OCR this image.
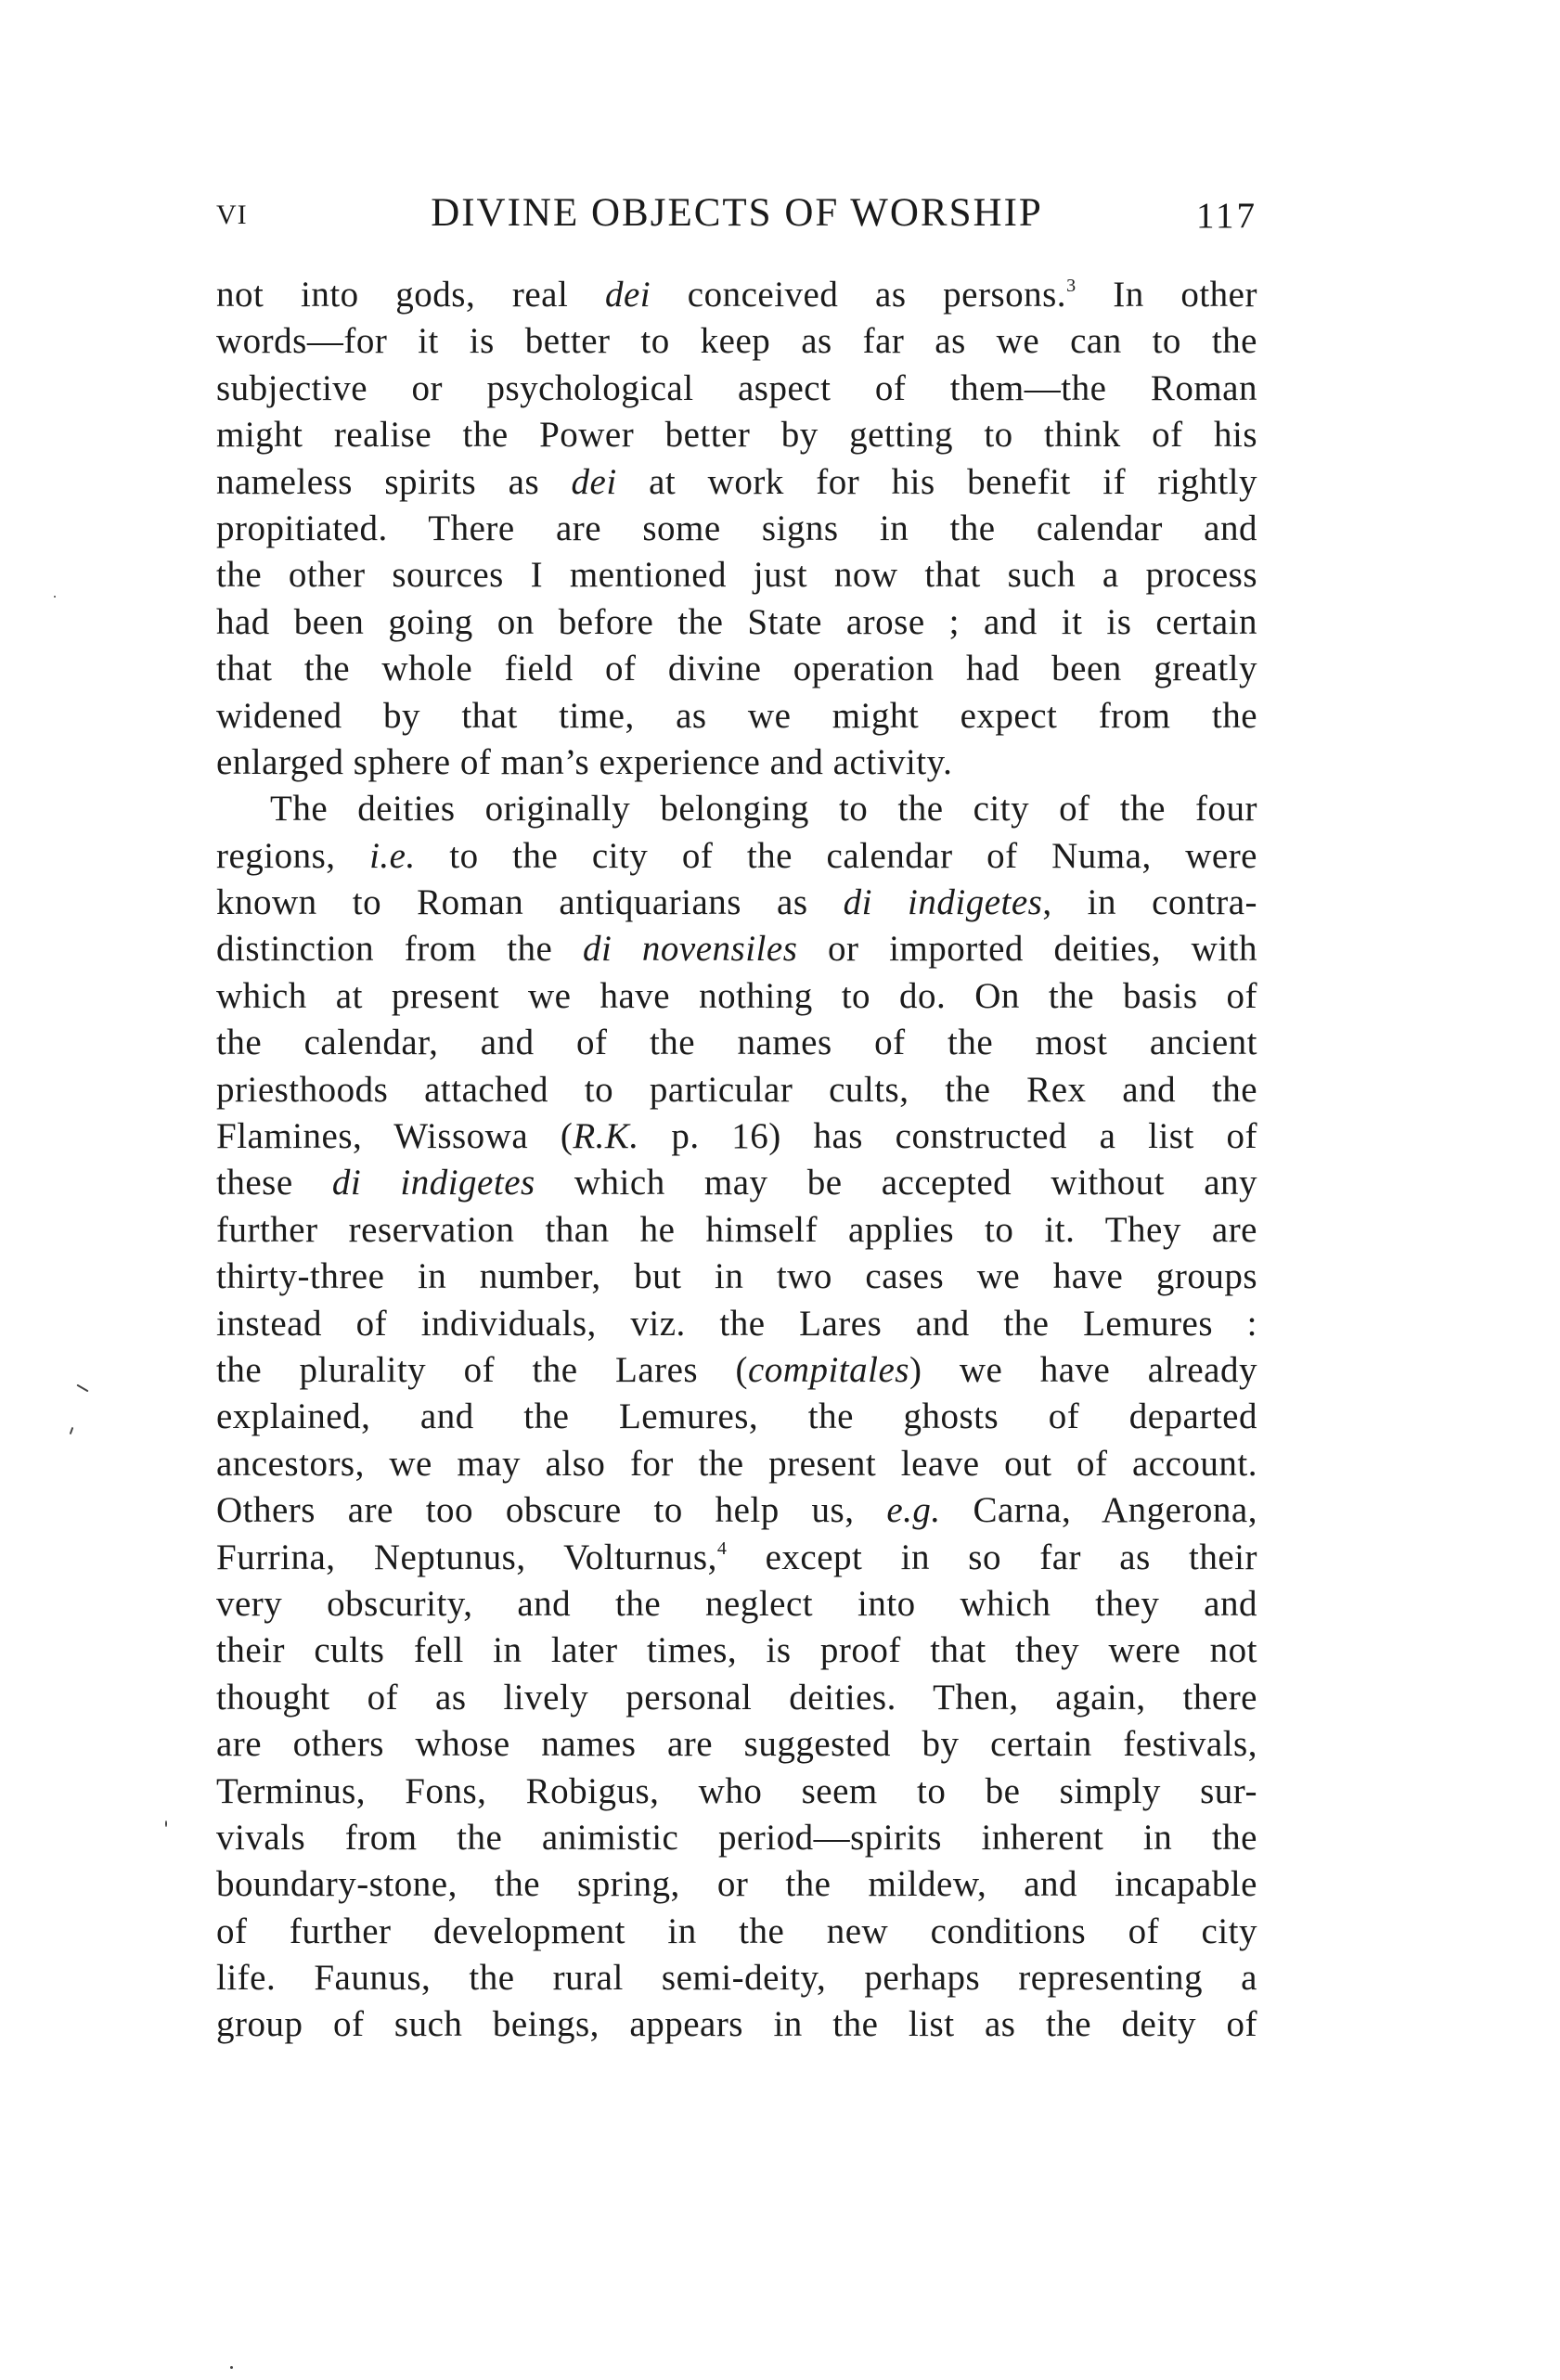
VI	DIVINE OBJECTS OF WORSHIP	117
not into gods, real dei conceived as persons.$^3$ In other
words—for it is better to keep as far as we can to the
subjective or psychological aspect of them—the Roman
might realise the Power better by getting to think of his
nameless spirits as dei at work for his benefit if rightly
propitiated. There are some signs in the calendar and
the other sources I mentioned just now that such a process
had been going on before the State arose ; and it is certain
that the whole field of divine operation had been greatly
widened by that time, as we might expect from the
enlarged sphere of man’s experience and activity.
The deities originally belonging to the city of the four
regions, i.e. to the city of the calendar of Numa, were
known to Roman antiquarians as di indigetes, in contra-
distinction from the di novensiles or imported deities, with
which at present we have nothing to do. On the basis of
the calendar, and of the names of the most ancient
priesthoods attached to particular cults, the Rex and the
Flamines, Wissowa (R.K. p. 16) has constructed a list of
these di indigetes which may be accepted without any
further reservation than he himself applies to it. They are
thirty-three in number, but in two cases we have groups
instead of individuals, viz. the Lares and the Lemures :
the plurality of the Lares (compitales) we have already
explained, and the Lemures, the ghosts of departed
ancestors, we may also for the present leave out of account.
Others are too obscure to help us, e.g. Carna, Angerona,
Furrina, Neptunus, Volturnus,$^4$ except in so far as their
very obscurity, and the neglect into which they and
their cults fell in later times, is proof that they were not
thought of as lively personal deities. Then, again, there
are others whose names are suggested by certain festivals,
Terminus, Fons, Robigus, who seem to be simply sur-
vivals from the animistic period—spirits inherent in the
boundary-stone, the spring, or the mildew, and incapable
of further development in the new conditions of city
life. Faunus, the rural semi-deity, perhaps representing a
group of such beings, appears in the list as the deity of
